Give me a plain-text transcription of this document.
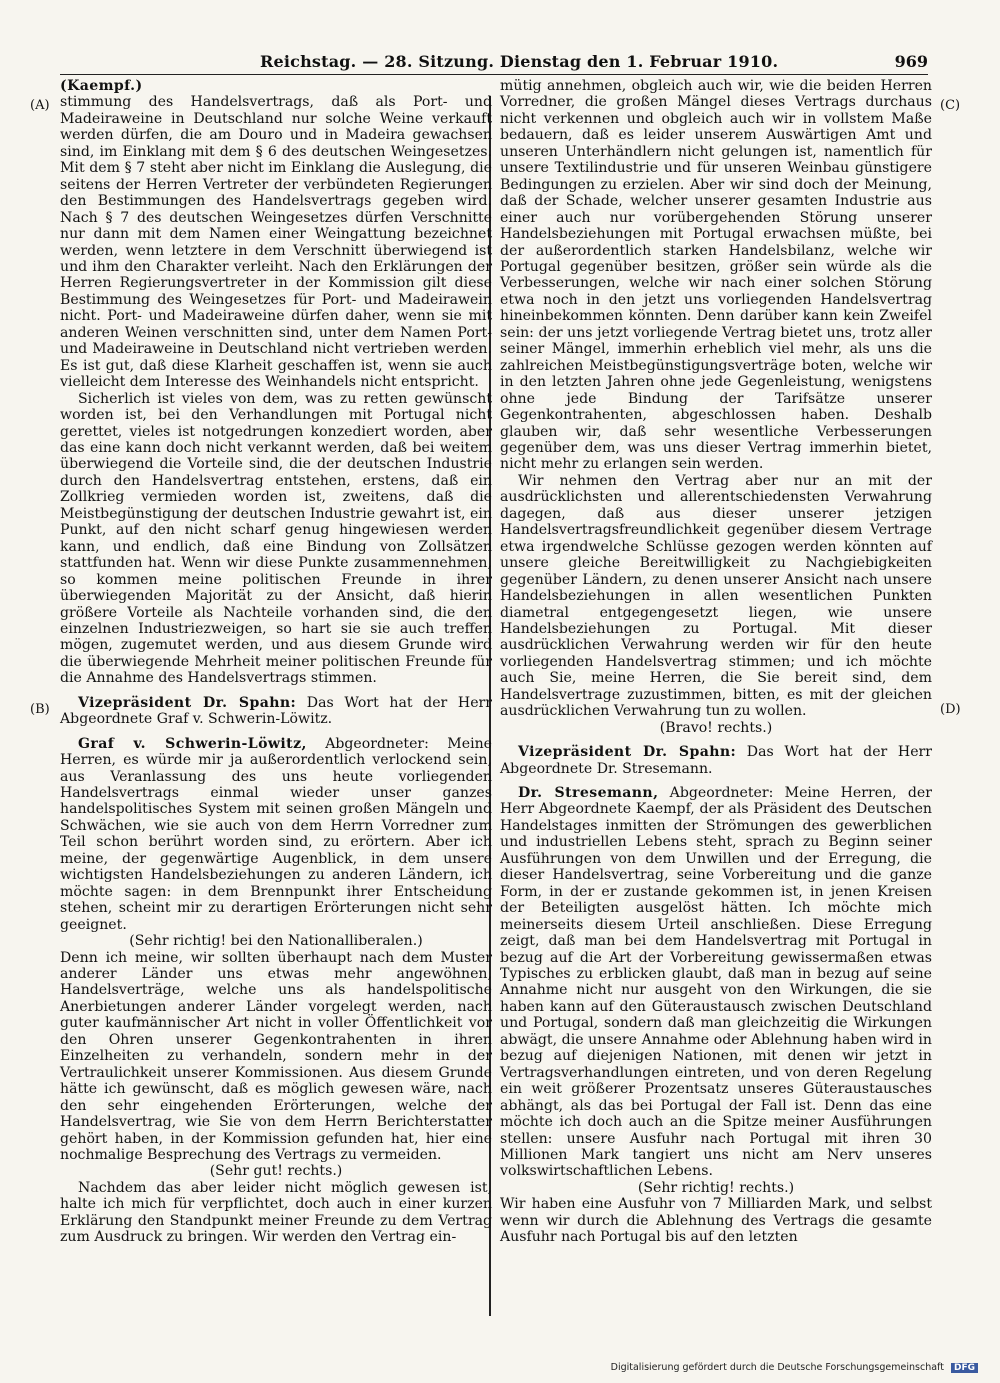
Reichstag. — 28. Sitzung. Dienstag den 1. Februar 1910.	969
(A)
(B)
(C)
(D)

(Kaempf.)

stimmung des Handelsvertrags, daß als Port- und Madeiraweine in Deutschland nur solche Weine verkauft werden dürfen, die am Douro und in Madeira gewachsen sind, im Einklang mit dem § 6 des deutschen Weingesetzes. Mit dem § 7 steht aber nicht im Einklang die Auslegung, die seitens der Herren Vertreter der verbündeten Regierungen den Bestimmungen des Handelsvertrags gegeben wird. Nach § 7 des deutschen Weingesetzes dürfen Verschnitte nur dann mit dem Namen einer Weingattung bezeichnet werden, wenn letztere in dem Verschnitt überwiegend ist und ihm den Charakter verleiht. Nach den Erklärungen der Herren Regierungsvertreter in der Kommission gilt diese Bestimmung des Weingesetzes für Port- und Madeirawein nicht. Port- und Madeiraweine dürfen daher, wenn sie mit anderen Weinen verschnitten sind, unter dem Namen Port- und Madeiraweine in Deutschland nicht vertrieben werden. Es ist gut, daß diese Klarheit geschaffen ist, wenn sie auch vielleicht dem Interesse des Weinhandels nicht entspricht.

Sicherlich ist vieles von dem, was zu retten gewünscht worden ist, bei den Verhandlungen mit Portugal nicht gerettet, vieles ist notgedrungen konzediert worden, aber das eine kann doch nicht verkannt werden, daß bei weitem überwiegend die Vorteile sind, die der deutschen Industrie durch den Handelsvertrag entstehen, erstens, daß ein Zollkrieg vermieden worden ist, zweitens, daß die Meistbegünstigung der deutschen Industrie gewahrt ist, ein Punkt, auf den nicht scharf genug hingewiesen werden kann, und endlich, daß eine Bindung von Zollsätzen stattfunden hat. Wenn wir diese Punkte zusammennehmen, so kommen meine politischen Freunde in ihrer überwiegenden Majorität zu der Ansicht, daß hierin größere Vorteile als Nachteile vorhanden sind, die den einzelnen Industriezweigen, so hart sie sie auch treffen mögen, zugemutet werden, und aus diesem Grunde wird die überwiegende Mehrheit meiner politischen Freunde für die Annahme des Handelsvertrags stimmen.

Vizepräsident Dr. Spahn: Das Wort hat der Herr Abgeordnete Graf v. Schwerin-Löwitz.

Graf v. Schwerin-Löwitz, Abgeordneter: Meine Herren, es würde mir ja außerordentlich verlockend sein, aus Veranlassung des uns heute vorliegenden Handelsvertrags einmal wieder unser ganzes handelspolitisches System mit seinen großen Mängeln und Schwächen, wie sie auch von dem Herrn Vorredner zum Teil schon berührt worden sind, zu erörtern. Aber ich meine, der gegenwärtige Augenblick, in dem unsere wichtigsten Handelsbeziehungen zu anderen Ländern, ich möchte sagen: in dem Brennpunkt ihrer Entscheidung stehen, scheint mir zu derartigen Erörterungen nicht sehr geeignet.

(Sehr richtig! bei den Nationalliberalen.)

Denn ich meine, wir sollten überhaupt nach dem Muster anderer Länder uns etwas mehr angewöhnen, Handelsverträge, welche uns als handelspolitische Anerbietungen anderer Länder vorgelegt werden, nach guter kaufmännischer Art nicht in voller Öffentlichkeit vor den Ohren unserer Gegenkontrahenten in ihren Einzelheiten zu verhandeln, sondern mehr in der Vertraulichkeit unserer Kommissionen. Aus diesem Grunde hätte ich gewünscht, daß es möglich gewesen wäre, nach den sehr eingehenden Erörterungen, welche der Handelsvertrag, wie Sie von dem Herrn Berichterstatter gehört haben, in der Kommission gefunden hat, hier eine nochmalige Besprechung des Vertrags zu vermeiden.

(Sehr gut! rechts.)

Nachdem das aber leider nicht möglich gewesen ist, halte ich mich für verpflichtet, doch auch in einer kurzen Erklärung den Standpunkt meiner Freunde zu dem Vertrag zum Ausdruck zu bringen. Wir werden den Vertrag ein-

mütig annehmen, obgleich auch wir, wie die beiden Herren Vorredner, die großen Mängel dieses Vertrags durchaus nicht verkennen und obgleich auch wir in vollstem Maße bedauern, daß es leider unserem Auswärtigen Amt und unseren Unterhändlern nicht gelungen ist, namentlich für unsere Textilindustrie und für unseren Weinbau günstigere Bedingungen zu erzielen. Aber wir sind doch der Meinung, daß der Schade, welcher unserer gesamten Industrie aus einer auch nur vorübergehenden Störung unserer Handelsbeziehungen mit Portugal erwachsen müßte, bei der außerordentlich starken Handelsbilanz, welche wir Portugal gegenüber besitzen, größer sein würde als die Verbesserungen, welche wir nach einer solchen Störung etwa noch in den jetzt uns vorliegenden Handelsvertrag hineinbekommen könnten. Denn darüber kann kein Zweifel sein: der uns jetzt vorliegende Vertrag bietet uns, trotz aller seiner Mängel, immerhin erheblich viel mehr, als uns die zahlreichen Meistbegünstigungsverträge boten, welche wir in den letzten Jahren ohne jede Gegenleistung, wenigstens ohne jede Bindung der Tarifsätze unserer Gegenkontrahenten, abgeschlossen haben. Deshalb glauben wir, daß sehr wesentliche Verbesserungen gegenüber dem, was uns dieser Vertrag immerhin bietet, nicht mehr zu erlangen sein werden.

Wir nehmen den Vertrag aber nur an mit der ausdrücklichsten und allerentschiedensten Verwahrung dagegen, daß aus dieser unserer jetzigen Handelsvertragsfreundlichkeit gegenüber diesem Vertrage etwa irgendwelche Schlüsse gezogen werden könnten auf unsere gleiche Bereitwilligkeit zu Nachgiebigkeiten gegenüber Ländern, zu denen unserer Ansicht nach unsere Handelsbeziehungen in allen wesentlichen Punkten diametral entgegengesetzt liegen, wie unsere Handelsbeziehungen zu Portugal. Mit dieser ausdrücklichen Verwahrung werden wir für den heute vorliegenden Handelsvertrag stimmen; und ich möchte auch Sie, meine Herren, die Sie bereit sind, dem Handelsvertrage zuzustimmen, bitten, es mit der gleichen ausdrücklichen Verwahrung tun zu wollen.

(Bravo! rechts.)

Vizepräsident Dr. Spahn: Das Wort hat der Herr Abgeordnete Dr. Stresemann.

Dr. Stresemann, Abgeordneter: Meine Herren, der Herr Abgeordnete Kaempf, der als Präsident des Deutschen Handelstages inmitten der Strömungen des gewerblichen und industriellen Lebens steht, sprach zu Beginn seiner Ausführungen von dem Unwillen und der Erregung, die dieser Handelsvertrag, seine Vorbereitung und die ganze Form, in der er zustande gekommen ist, in jenen Kreisen der Beteiligten ausgelöst hätten. Ich möchte mich meinerseits diesem Urteil anschließen. Diese Erregung zeigt, daß man bei dem Handelsvertrag mit Portugal in bezug auf die Art der Vorbereitung gewissermaßen etwas Typisches zu erblicken glaubt, daß man in bezug auf seine Annahme nicht nur ausgeht von den Wirkungen, die sie haben kann auf den Güteraustausch zwischen Deutschland und Portugal, sondern daß man gleichzeitig die Wirkungen abwägt, die unsere Annahme oder Ablehnung haben wird in bezug auf diejenigen Nationen, mit denen wir jetzt in Vertragsverhandlungen eintreten, und von deren Regelung ein weit größerer Prozentsatz unseres Güteraustausches abhängt, als das bei Portugal der Fall ist. Denn das eine möchte ich doch auch an die Spitze meiner Ausführungen stellen: unsere Ausfuhr nach Portugal mit ihren 30 Millionen Mark tangiert uns nicht am Nerv unseres volkswirtschaftlichen Lebens.

(Sehr richtig! rechts.)

Wir haben eine Ausfuhr von 7 Milliarden Mark, und selbst wenn wir durch die Ablehnung des Vertrags die gesamte Ausfuhr nach Portugal bis auf den letzten

Digitalisierung gefördert durch die Deutsche Forschungsgemeinschaft DFG
